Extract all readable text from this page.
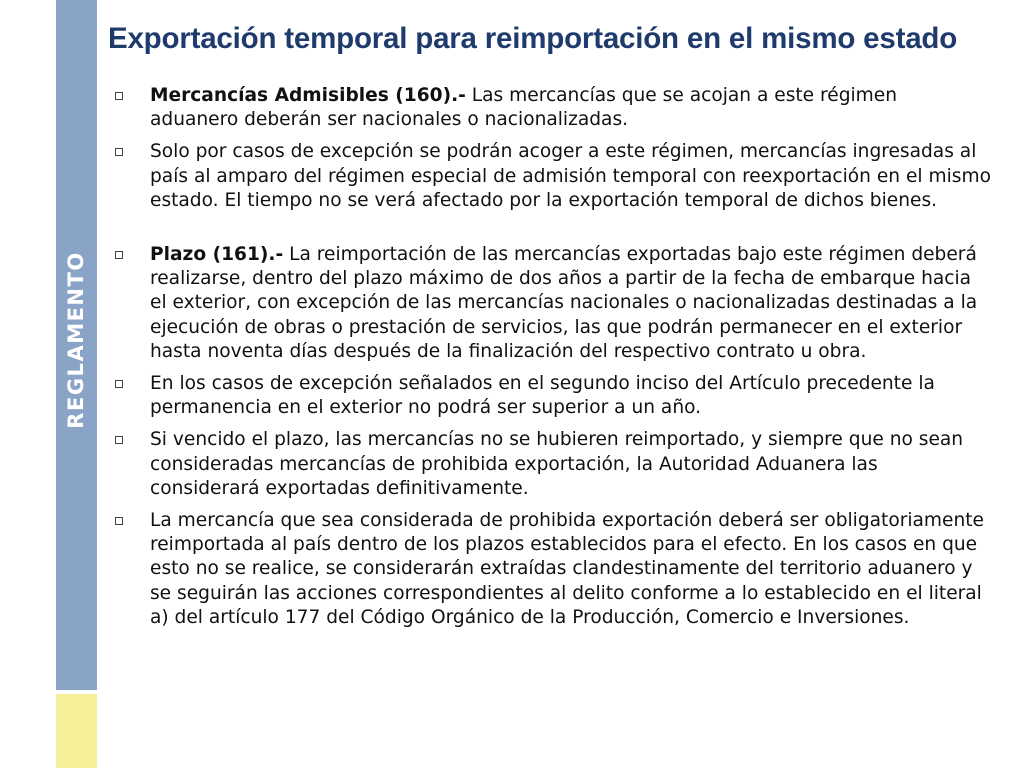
REGLAMENTO
Exportación temporal para reimportación en el mismo estado
Mercancías Admisibles (160).- Las mercancías que se acojan a este régimen aduanero deberán ser nacionales o nacionalizadas.
Solo por casos de excepción se podrán acoger a este régimen, mercancías ingresadas al país al amparo del régimen especial de admisión temporal con reexportación en el mismo estado. El tiempo no se verá afectado por la exportación temporal de dichos bienes.
Plazo (161).- La reimportación de las mercancías exportadas bajo este régimen deberá realizarse, dentro del plazo máximo de dos años a partir de la fecha de embarque hacia el exterior, con excepción de las mercancías nacionales o nacionalizadas destinadas a la ejecución de obras o prestación de servicios, las que podrán permanecer en el exterior hasta noventa días después de la finalización del respectivo contrato u obra.
En los casos de excepción señalados en el segundo inciso del Artículo precedente la permanencia en el exterior no podrá ser superior a un año.
Si vencido el plazo, las mercancías no se hubieren reimportado, y siempre que no sean consideradas mercancías de prohibida exportación, la Autoridad Aduanera las considerará exportadas definitivamente.
La mercancía que sea considerada de prohibida exportación deberá ser obligatoriamente reimportada al país dentro de los plazos establecidos para el efecto. En los casos en que esto no se realice, se considerarán extraídas clandestinamente del territorio aduanero y se seguirán las acciones correspondientes al delito conforme a lo establecido en el literal a) del artículo 177 del Código Orgánico de la Producción, Comercio e Inversiones.
